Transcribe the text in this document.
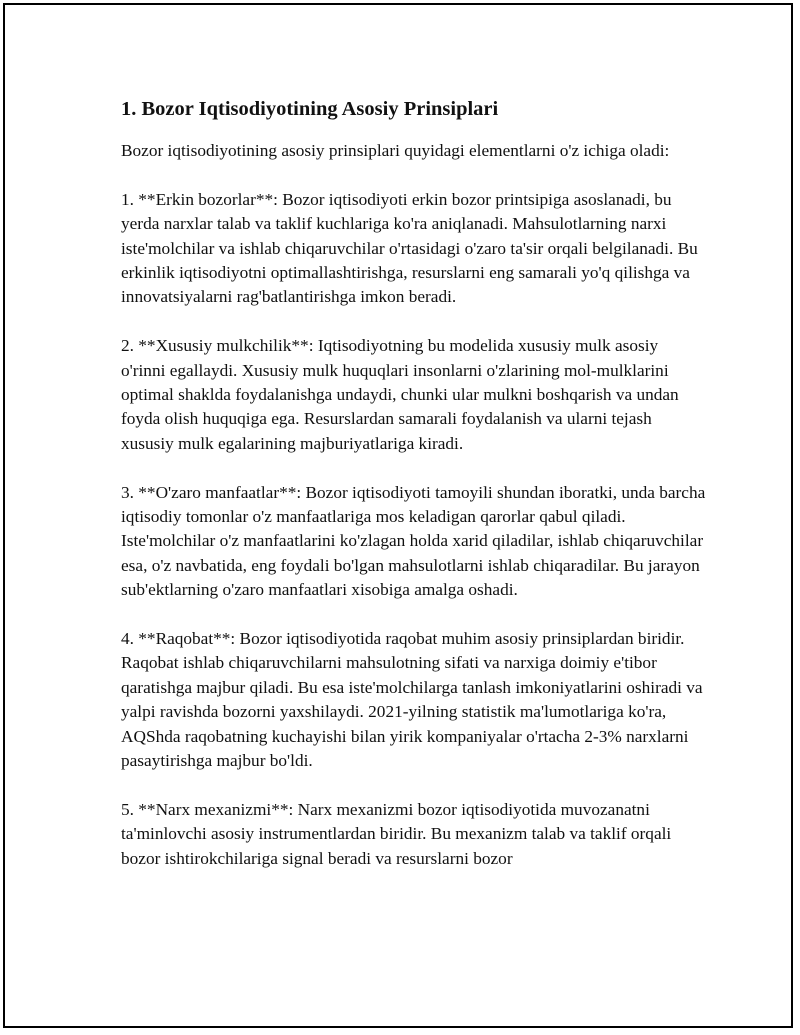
1. Bozor Iqtisodiyotining Asosiy Prinsiplari

Bozor iqtisodiyotining asosiy prinsiplari quyidagi elementlarni o'z ichiga oladi:

1. **Erkin bozorlar**: Bozor iqtisodiyoti erkin bozor printsipiga asoslanadi, bu yerda narxlar talab va taklif kuchlariga ko'ra aniqlanadi. Mahsulotlarning narxi iste'molchilar va ishlab chiqaruvchilar o'rtasidagi o'zaro ta'sir orqali belgilanadi. Bu erkinlik iqtisodiyotni optimallashtirishga, resurslarni eng samarali yo'q qilishga va innovatsiyalarni rag'batlantirishga imkon beradi.

2. **Xususiy mulkchilik**: Iqtisodiyotning bu modelida xususiy mulk asosiy o'rinni egallaydi. Xususiy mulk huquqlari insonlarni o'zlarining mol-mulklarini optimal shaklda foydalanishga undaydi, chunki ular mulkni boshqarish va undan foyda olish huquqiga ega. Resurslardan samarali foydalanish va ularni tejash xususiy mulk egalarining majburiyatlariga kiradi.

3. **O'zaro manfaatlar**: Bozor iqtisodiyoti tamoyili shundan iboratki, unda barcha iqtisodiy tomonlar o'z manfaatlariga mos keladigan qarorlar qabul qiladi. Iste'molchilar o'z manfaatlarini ko'zlagan holda xarid qiladilar, ishlab chiqaruvchilar esa, o'z navbatida, eng foydali bo'lgan mahsulotlarni ishlab chiqaradilar. Bu jarayon sub'ektlarning o'zaro manfaatlari xisobiga amalga oshadi.

4. **Raqobat**: Bozor iqtisodiyotida raqobat muhim asosiy prinsiplardan biridir. Raqobat ishlab chiqaruvchilarni mahsulotning sifati va narxiga doimiy e'tibor qaratishga majbur qiladi. Bu esa iste'molchilarga tanlash imkoniyatlarini oshiradi va yalpi ravishda bozorni yaxshilaydi. 2021-yilning statistik ma'lumotlariga ko'ra, AQShda raqobatning kuchayishi bilan yirik kompaniyalar o'rtacha 2-3% narxlarni pasaytirishga majbur bo'ldi.

5. **Narx mexanizmi**: Narx mexanizmi bozor iqtisodiyotida muvozanatni ta'minlovchi asosiy instrumentlardan biridir. Bu mexanizm talab va taklif orqali bozor ishtirokchilariga signal beradi va resurslarni bozor
